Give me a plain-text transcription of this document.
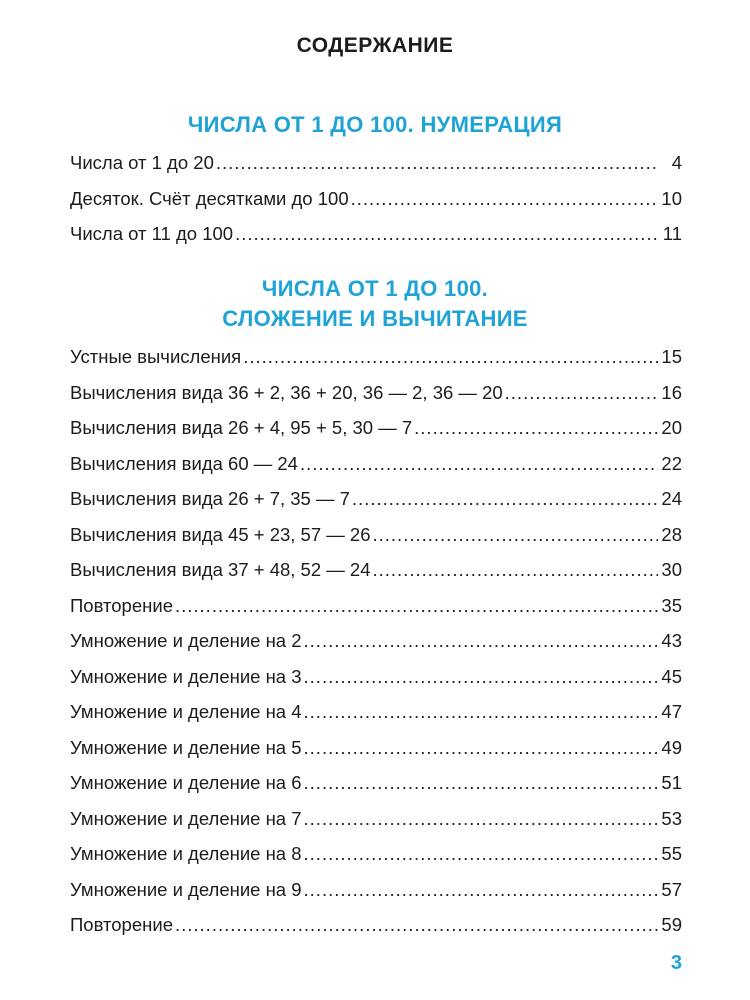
СОДЕРЖАНИЕ
ЧИСЛА ОТ 1 ДО 100. НУМЕРАЦИЯ
Числа от 1 до 20 .....	4
Десяток. Счёт десятками до 100 .....	10
Числа от 11 до 100 .....	11
ЧИСЛА ОТ 1 ДО 100.
СЛОЖЕНИЕ И ВЫЧИТАНИЕ
Устные вычисления .....	15
Вычисления вида 36 + 2, 36 + 20, 36 — 2, 36 — 20 .....	16
Вычисления вида 26 + 4, 95 + 5, 30 — 7 .....	20
Вычисления вида 60 — 24 .....	22
Вычисления вида 26 + 7, 35 — 7 .....	24
Вычисления вида 45 + 23, 57 — 26 .....	28
Вычисления вида 37 + 48, 52 — 24 .....	30
Повторение .....	35
Умножение и деление на 2 .....	43
Умножение и деление на 3 .....	45
Умножение и деление на 4 .....	47
Умножение и деление на 5 .....	49
Умножение и деление на 6 .....	51
Умножение и деление на 7 .....	53
Умножение и деление на 8 .....	55
Умножение и деление на 9 .....	57
Повторение .....	59
3
